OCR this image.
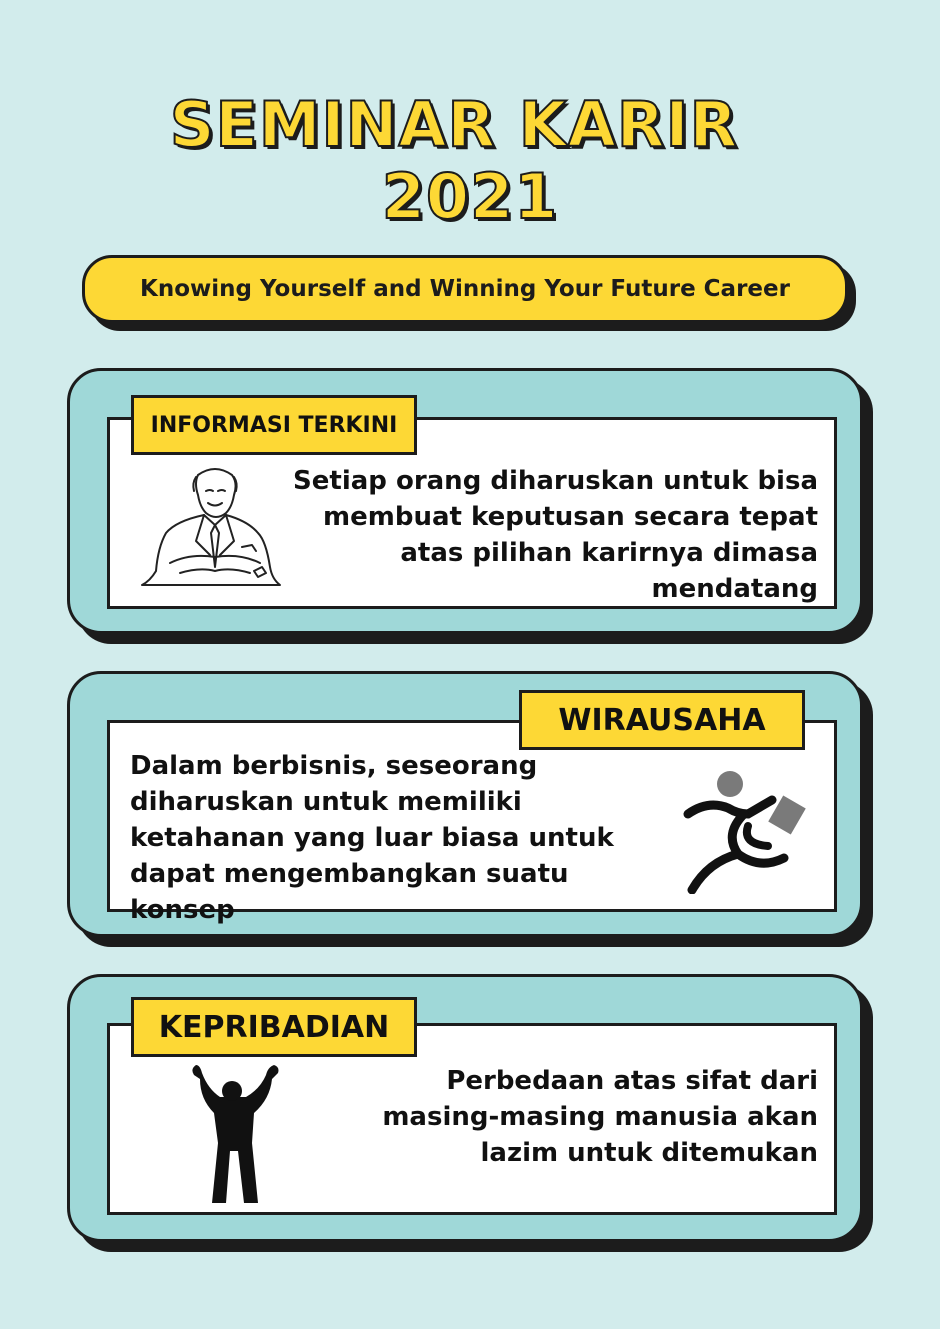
SEMINAR KARIR
2021
Knowing Yourself and Winning Your Future Career
INFORMASI TERKINI
Setiap orang diharuskan untuk bisa membuat keputusan secara tepat atas pilihan karirnya dimasa mendatang
WIRAUSAHA
Dalam berbisnis, seseorang diharuskan untuk memiliki ketahanan yang luar biasa untuk dapat mengembangkan suatu konsep
KEPRIBADIAN
Perbedaan atas sifat dari masing-masing manusia akan lazim untuk ditemukan
